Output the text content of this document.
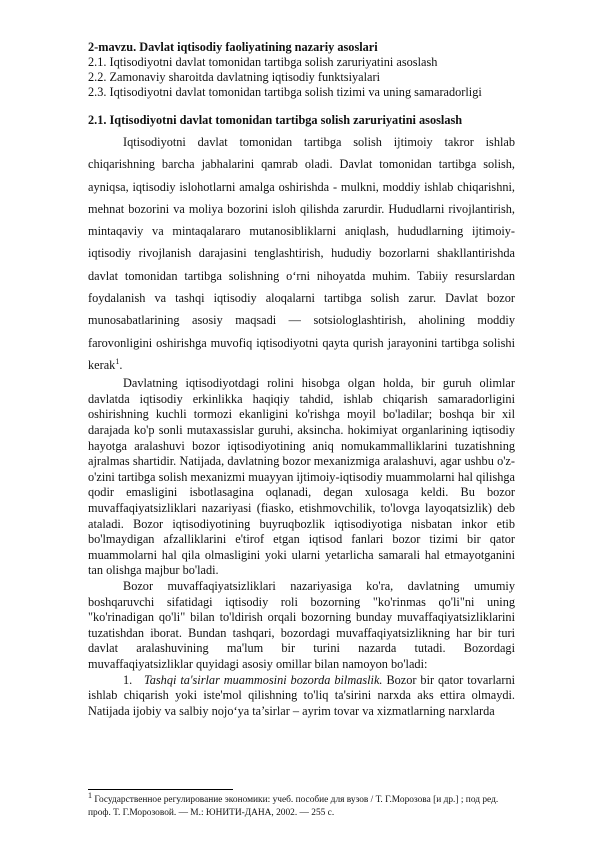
2-mavzu. Davlat iqtisodiy faoliyatining nazariy asoslari

2.1. Iqtisodiyotni davlat tomonidan tartibga solish zaruriyatini asoslash

2.2. Zamonaviy sharoitda davlatning iqtisodiy funktsiyalari

2.3. Iqtisodiyotni davlat tomonidan tartibga solish tizimi va uning samaradorligi

2.1. Iqtisodiyotni davlat tomonidan tartibga solish zaruriyatini asoslash

Iqtisodiyotni davlat tomonidan tartibga solish ijtimoiy takror ishlab chiqarishning barcha jabhalarini qamrab oladi. Davlat tomonidan tartibga solish, ayniqsa, iqtisodiy islohotlarni amalga oshirishda - mulkni, moddiy ishlab chiqarishni, mehnat bozorini va moliya bozorini isloh qilishda zarurdir. Hududlarni rivojlantirish, mintaqaviy va mintaqalararo mutanosibliklarni aniqlash, hududlarning ijtimoiy-iqtisodiy rivojlanish darajasini tenglashtirish, hududiy bozorlarni shakllantirishda davlat tomonidan tartibga solishning o‘rni nihoyatda muhim. Tabiiy resurslardan foydalanish va tashqi iqtisodiy aloqalarni tartibga solish zarur. Davlat bozor munosabatlarining asosiy maqsadi — sotsiologlashtirish, aholining moddiy farovonligini oshirishga muvofiq iqtisodiyotni qayta qurish jarayonini tartibga solishi kerak$^1$.

Davlatning iqtisodiyotdagi rolini hisobga olgan holda, bir guruh olimlar davlatda iqtisodiy erkinlikka haqiqiy tahdid, ishlab chiqarish samaradorligini oshirishning kuchli tormozi ekanligini ko'rishga moyil bo'ladilar; boshqa bir xil darajada ko'p sonli mutaxassislar guruhi, aksincha. hokimiyat organlarining iqtisodiy hayotga aralashuvi bozor iqtisodiyotining aniq nomukammalliklarini tuzatishning ajralmas shartidir. Natijada, davlatning bozor mexanizmiga aralashuvi, agar ushbu o'z-o'zini tartibga solish mexanizmi muayyan ijtimoiy-iqtisodiy muammolarni hal qilishga qodir emasligini isbotlasagina oqlanadi, degan xulosaga keldi. Bu bozor muvaffaqiyatsizliklari nazariyasi (fiasko, etishmovchilik, to'lovga layoqatsizlik) deb ataladi. Bozor iqtisodiyotining buyruqbozlik iqtisodiyotiga nisbatan inkor etib bo'lmaydigan afzalliklarini e'tirof etgan iqtisod fanlari bozor tizimi bir qator muammolarni hal qila olmasligini yoki ularni yetarlicha samarali hal etmayotganini tan olishga majbur bo'ladi.

Bozor muvaffaqiyatsizliklari nazariyasiga ko'ra, davlatning umumiy boshqaruvchi sifatidagi iqtisodiy roli bozorning "ko'rinmas qo'li"ni uning "ko'rinadigan qo'li" bilan to'ldirish orqali bozorning bunday muvaffaqiyatsizliklarini tuzatishdan iborat. Bundan tashqari, bozordagi muvaffaqiyatsizlikning har bir turi davlat aralashuvining ma'lum bir turini nazarda tutadi. Bozordagi muvaffaqiyatsizliklar quyidagi asosiy omillar bilan namoyon bo'ladi:

1. Tashqi ta'sirlar muammosini bozorda bilmaslik. Bozor bir qator tovarlarni ishlab chiqarish yoki iste'mol qilishning to'liq ta'sirini narxda aks ettira olmaydi. Natijada ijobiy va salbiy nojo‘ya ta’sirlar – ayrim tovar va xizmatlarning narxlarda

$^1$ Государственное регулирование экономики: учеб. пособие для вузов / Т. Г.Морозова [и др.] ; под ред. проф. Т. Г.Морозовой. — М.: ЮНИТИ-ДАНА, 2002. — 255 с.
